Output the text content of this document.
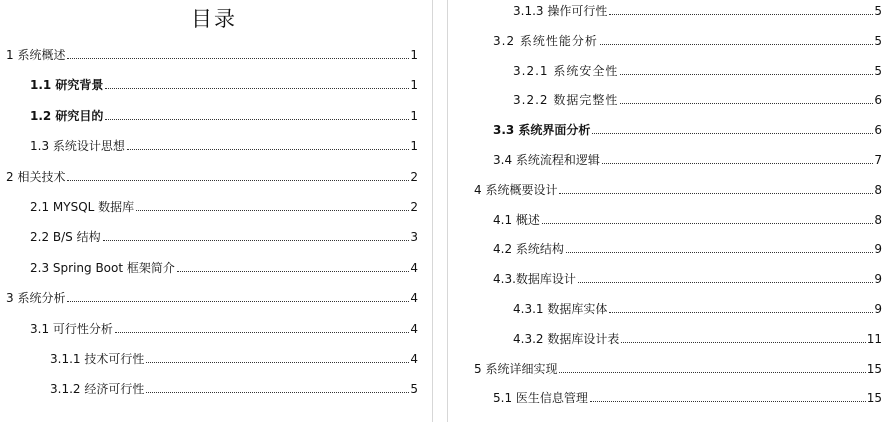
目录
1 系统概述	1
1.1 研究背景	1
1.2 研究目的	1
1.3 系统设计思想	1
2 相关技术	2
2.1 MYSQL 数据库	2
2.2 B/S 结构	3
2.3 Spring Boot 框架简介	4
3 系统分析	4
3.1 可行性分析	4
3.1.1 技术可行性	4
3.1.2 经济可行性	5
3.1.3 操作可行性	5
3.2 系统性能分析	5
3.2.1 系统安全性	5
3.2.2 数据完整性	6
3.3 系统界面分析	6
3.4 系统流程和逻辑	7
4 系统概要设计	8
4.1 概述	8
4.2 系统结构	9
4.3.数据库设计	9
4.3.1 数据库实体	9
4.3.2 数据库设计表	11
5 系统详细实现	15
5.1 医生信息管理	15
